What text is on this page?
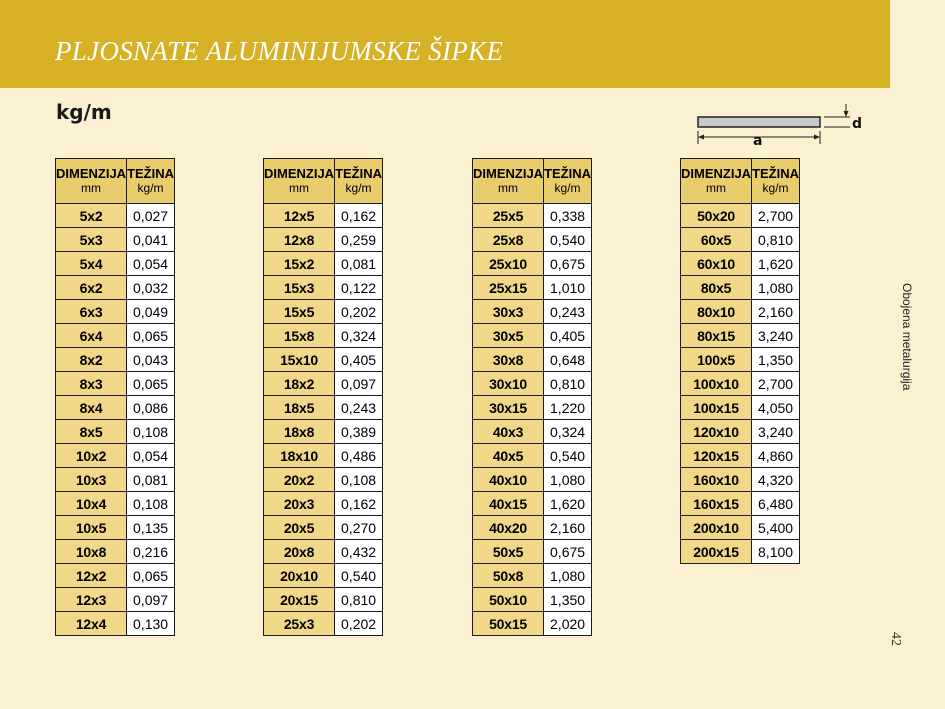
PLJOSNATE ALUMINIJUMSKE ŠIPKE
kg/m
a
d
Obojena metalurgija
42
DIMENZIJA
mm	TEŽINA
kg/m

5x2	0,027
5x3	0,041
5x4	0,054
6x2	0,032
6x3	0,049
6x4	0,065
8x2	0,043
8x3	0,065
8x4	0,086
8x5	0,108
10x2	0,054
10x3	0,081
10x4	0,108
10x5	0,135
10x8	0,216
12x2	0,065
12x3	0,097
12x4	0,130
DIMENZIJA
mm	TEŽINA
kg/m

12x5	0,162
12x8	0,259
15x2	0,081
15x3	0,122
15x5	0,202
15x8	0,324
15x10	0,405
18x2	0,097
18x5	0,243
18x8	0,389
18x10	0,486
20x2	0,108
20x3	0,162
20x5	0,270
20x8	0,432
20x10	0,540
20x15	0,810
25x3	0,202
DIMENZIJA
mm	TEŽINA
kg/m

25x5	0,338
25x8	0,540
25x10	0,675
25x15	1,010
30x3	0,243
30x5	0,405
30x8	0,648
30x10	0,810
30x15	1,220
40x3	0,324
40x5	0,540
40x10	1,080
40x15	1,620
40x20	2,160
50x5	0,675
50x8	1,080
50x10	1,350
50x15	2,020
DIMENZIJA
mm	TEŽINA
kg/m

50x20	2,700
60x5	0,810
60x10	1,620
80x5	1,080
80x10	2,160
80x15	3,240
100x5	1,350
100x10	2,700
100x15	4,050
120x10	3,240
120x15	4,860
160x10	4,320
160x15	6,480
200x10	5,400
200x15	8,100
